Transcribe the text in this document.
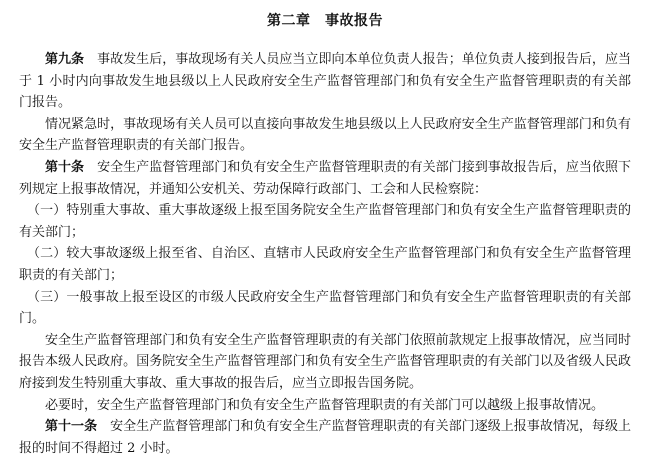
第二章　事故报告

第九条　 事故发生后，事故现场有关人员应当立即向本单位负责人报告；单位负责人接到报告后，应当于 1 小时内向事故发生地县级以上人民政府安全生产监督管理部门和负有安全生产监督管理职责的有关部门报告。

情况紧急时，事故现场有关人员可以直接向事故发生地县级以上人民政府安全生产监督管理部门和负有安全生产监督管理职责的有关部门报告。

第十条　 安全生产监督管理部门和负有安全生产监督管理职责的有关部门接到事故报告后，应当依照下列规定上报事故情况，并通知公安机关、劳动保障行政部门、工会和人民检察院：

（一）特别重大事故、重大事故逐级上报至国务院安全生产监督管理部门和负有安全生产监督管理职责的有关部门；

（二）较大事故逐级上报至省、自治区、直辖市人民政府安全生产监督管理部门和负有安全生产监督管理职责的有关部门；

（三）一般事故上报至设区的市级人民政府安全生产监督管理部门和负有安全生产监督管理职责的有关部门。

安全生产监督管理部门和负有安全生产监督管理职责的有关部门依照前款规定上报事故情况，应当同时报告本级人民政府。国务院安全生产监督管理部门和负有安全生产监督管理职责的有关部门以及省级人民政府接到发生特别重大事故、重大事故的报告后，应当立即报告国务院。

必要时，安全生产监督管理部门和负有安全生产监督管理职责的有关部门可以越级上报事故情况。

第十一条　 安全生产监督管理部门和负有安全生产监督管理职责的有关部门逐级上报事故情况，每级上报的时间不得超过 2 小时。
